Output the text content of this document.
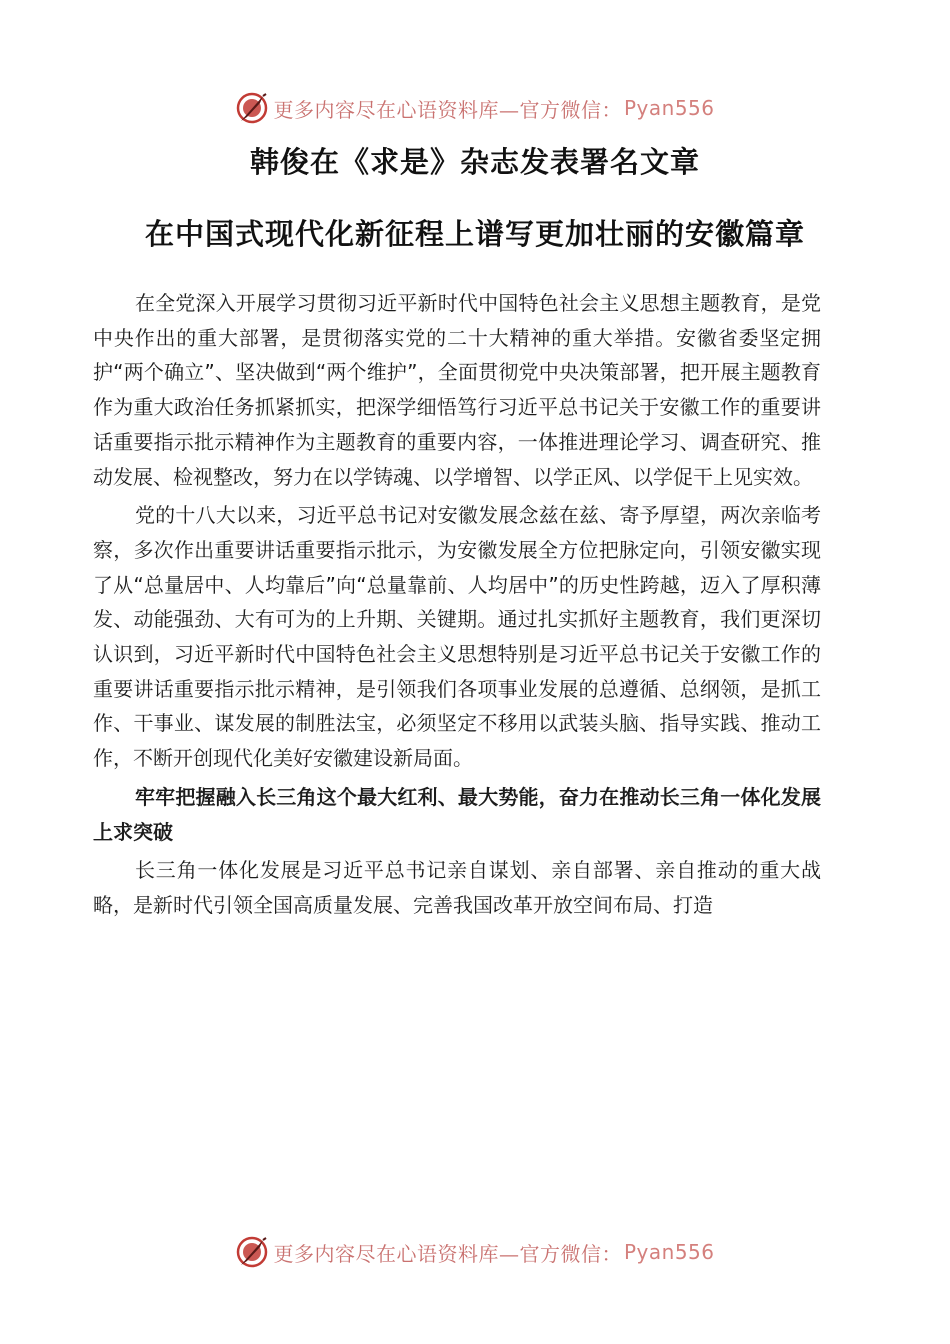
更多内容尽在心语资料库—官方微信： Pyan556
韩俊在《求是》杂志发表署名文章
在中国式现代化新征程上谱写更加壮丽的安徽篇章

在全党深入开展学习贯彻习近平新时代中国特色社会主义思想主题教育，是党中央作出的重大部署，是贯彻落实党的二十大精神的重大举措。安徽省委坚定拥护“两个确立”、坚决做到“两个维护”，全面贯彻党中央决策部署，把开展主题教育作为重大政治任务抓紧抓实，把深学细悟笃行习近平总书记关于安徽工作的重要讲话重要指示批示精神作为主题教育的重要内容，一体推进理论学习、调查研究、推动发展、检视整改，努力在以学铸魂、以学增智、以学正风、以学促干上见实效。

党的十八大以来，习近平总书记对安徽发展念兹在兹、寄予厚望，两次亲临考察，多次作出重要讲话重要指示批示，为安徽发展全方位把脉定向，引领安徽实现了从“总量居中、人均靠后”向“总量靠前、人均居中”的历史性跨越，迈入了厚积薄发、动能强劲、大有可为的上升期、关键期。通过扎实抓好主题教育，我们更深切认识到，习近平新时代中国特色社会主义思想特别是习近平总书记关于安徽工作的重要讲话重要指示批示精神，是引领我们各项事业发展的总遵循、总纲领，是抓工作、干事业、谋发展的制胜法宝，必须坚定不移用以武装头脑、指导实践、推动工作，不断开创现代化美好安徽建设新局面。

牢牢把握融入长三角这个最大红利、最大势能，奋力在推动长三角一体化发展上求突破

长三角一体化发展是习近平总书记亲自谋划、亲自部署、亲自推动的重大战略，是新时代引领全国高质量发展、完善我国改革开放空间布局、打造

更多内容尽在心语资料库—官方微信： Pyan556
